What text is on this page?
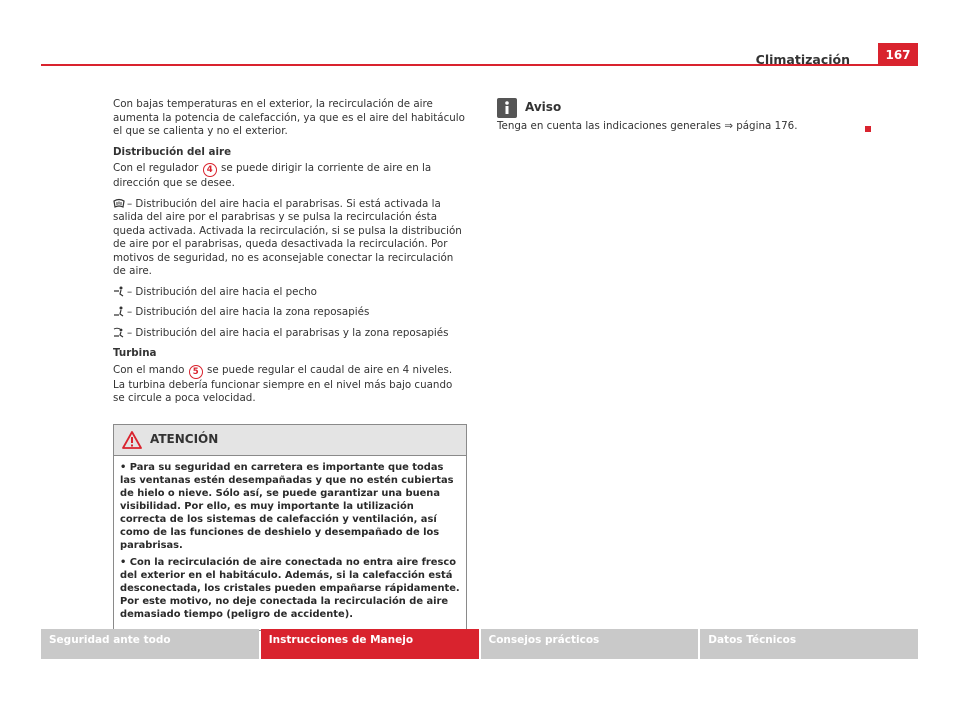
Climatización	167

Con bajas temperaturas en el exterior, la recirculación de aire aumenta la potencia de calefacción, ya que es el aire del habitáculo el que se calienta y no el exterior.

Distribución del aire

Con el regulador 4 se puede dirigir la corriente de aire en la dirección que se desee.

– Distribución del aire hacia el parabrisas. Si está activada la salida del aire por el parabrisas y se pulsa la recirculación ésta queda activada. Activada la recirculación, si se pulsa la distribución de aire por el parabrisas, queda desactivada la recirculación. Por motivos de seguridad, no es aconsejable conectar la recirculación de aire.

– Distribución del aire hacia el pecho

– Distribución del aire hacia la zona reposapiés

– Distribución del aire hacia el parabrisas y la zona reposapiés

Turbina

Con el mando 5 se puede regular el caudal de aire en 4 niveles. La turbina debería funcionar siempre en el nivel más bajo cuando se circule a poca velocidad.

ATENCIÓN

• Para su seguridad en carretera es importante que todas las ventanas estén desempañadas y que no estén cubiertas de hielo o nieve. Sólo así, se puede garantizar una buena visibilidad. Por ello, es muy importante la utilización correcta de los sistemas de calefacción y ventilación, así como de las funciones de deshielo y desempañado de los parabrisas.

• Con la recirculación de aire conectada no entra aire fresco del exterior en el habitáculo. Además, si la calefacción está desconectada, los cristales pueden empañarse rápidamente. Por este motivo, no deje conectada la recirculación de aire demasiado tiempo (peligro de accidente).

Aviso

Tenga en cuenta las indicaciones generales ⇒ página 176.

Seguridad ante todo	Instrucciones de Manejo	Consejos prácticos	Datos Técnicos
